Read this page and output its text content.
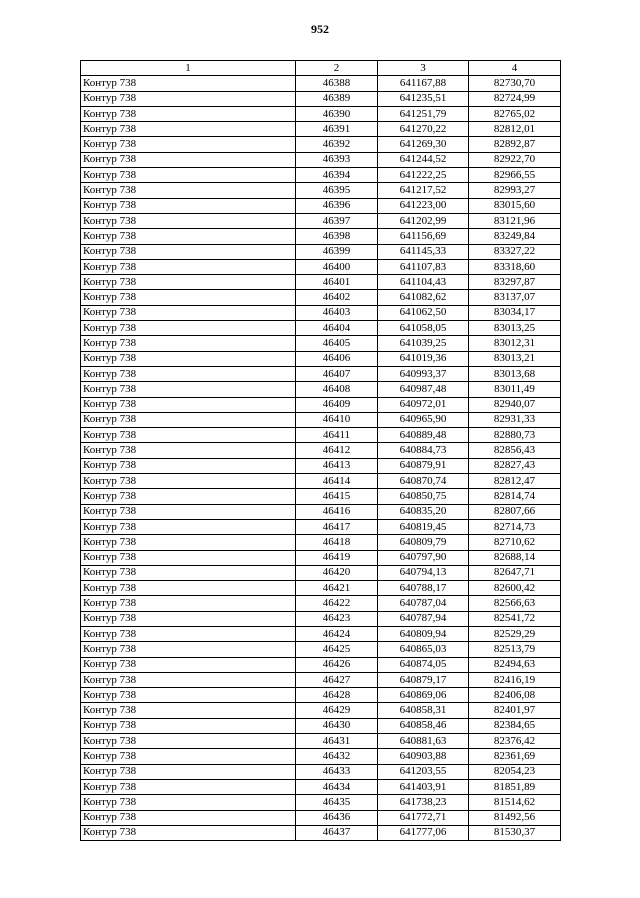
952
1	2	3	4
Контур 738	46388	641167,88	82730,70
Контур 738	46389	641235,51	82724,99
Контур 738	46390	641251,79	82765,02
Контур 738	46391	641270,22	82812,01
Контур 738	46392	641269,30	82892,87
Контур 738	46393	641244,52	82922,70
Контур 738	46394	641222,25	82966,55
Контур 738	46395	641217,52	82993,27
Контур 738	46396	641223,00	83015,60
Контур 738	46397	641202,99	83121,96
Контур 738	46398	641156,69	83249,84
Контур 738	46399	641145,33	83327,22
Контур 738	46400	641107,83	83318,60
Контур 738	46401	641104,43	83297,87
Контур 738	46402	641082,62	83137,07
Контур 738	46403	641062,50	83034,17
Контур 738	46404	641058,05	83013,25
Контур 738	46405	641039,25	83012,31
Контур 738	46406	641019,36	83013,21
Контур 738	46407	640993,37	83013,68
Контур 738	46408	640987,48	83011,49
Контур 738	46409	640972,01	82940,07
Контур 738	46410	640965,90	82931,33
Контур 738	46411	640889,48	82880,73
Контур 738	46412	640884,73	82856,43
Контур 738	46413	640879,91	82827,43
Контур 738	46414	640870,74	82812,47
Контур 738	46415	640850,75	82814,74
Контур 738	46416	640835,20	82807,66
Контур 738	46417	640819,45	82714,73
Контур 738	46418	640809,79	82710,62
Контур 738	46419	640797,90	82688,14
Контур 738	46420	640794,13	82647,71
Контур 738	46421	640788,17	82600,42
Контур 738	46422	640787,04	82566,63
Контур 738	46423	640787,94	82541,72
Контур 738	46424	640809,94	82529,29
Контур 738	46425	640865,03	82513,79
Контур 738	46426	640874,05	82494,63
Контур 738	46427	640879,17	82416,19
Контур 738	46428	640869,06	82406,08
Контур 738	46429	640858,31	82401,97
Контур 738	46430	640858,46	82384,65
Контур 738	46431	640881,63	82376,42
Контур 738	46432	640903,88	82361,69
Контур 738	46433	641203,55	82054,23
Контур 738	46434	641403,91	81851,89
Контур 738	46435	641738,23	81514,62
Контур 738	46436	641772,71	81492,56
Контур 738	46437	641777,06	81530,37
